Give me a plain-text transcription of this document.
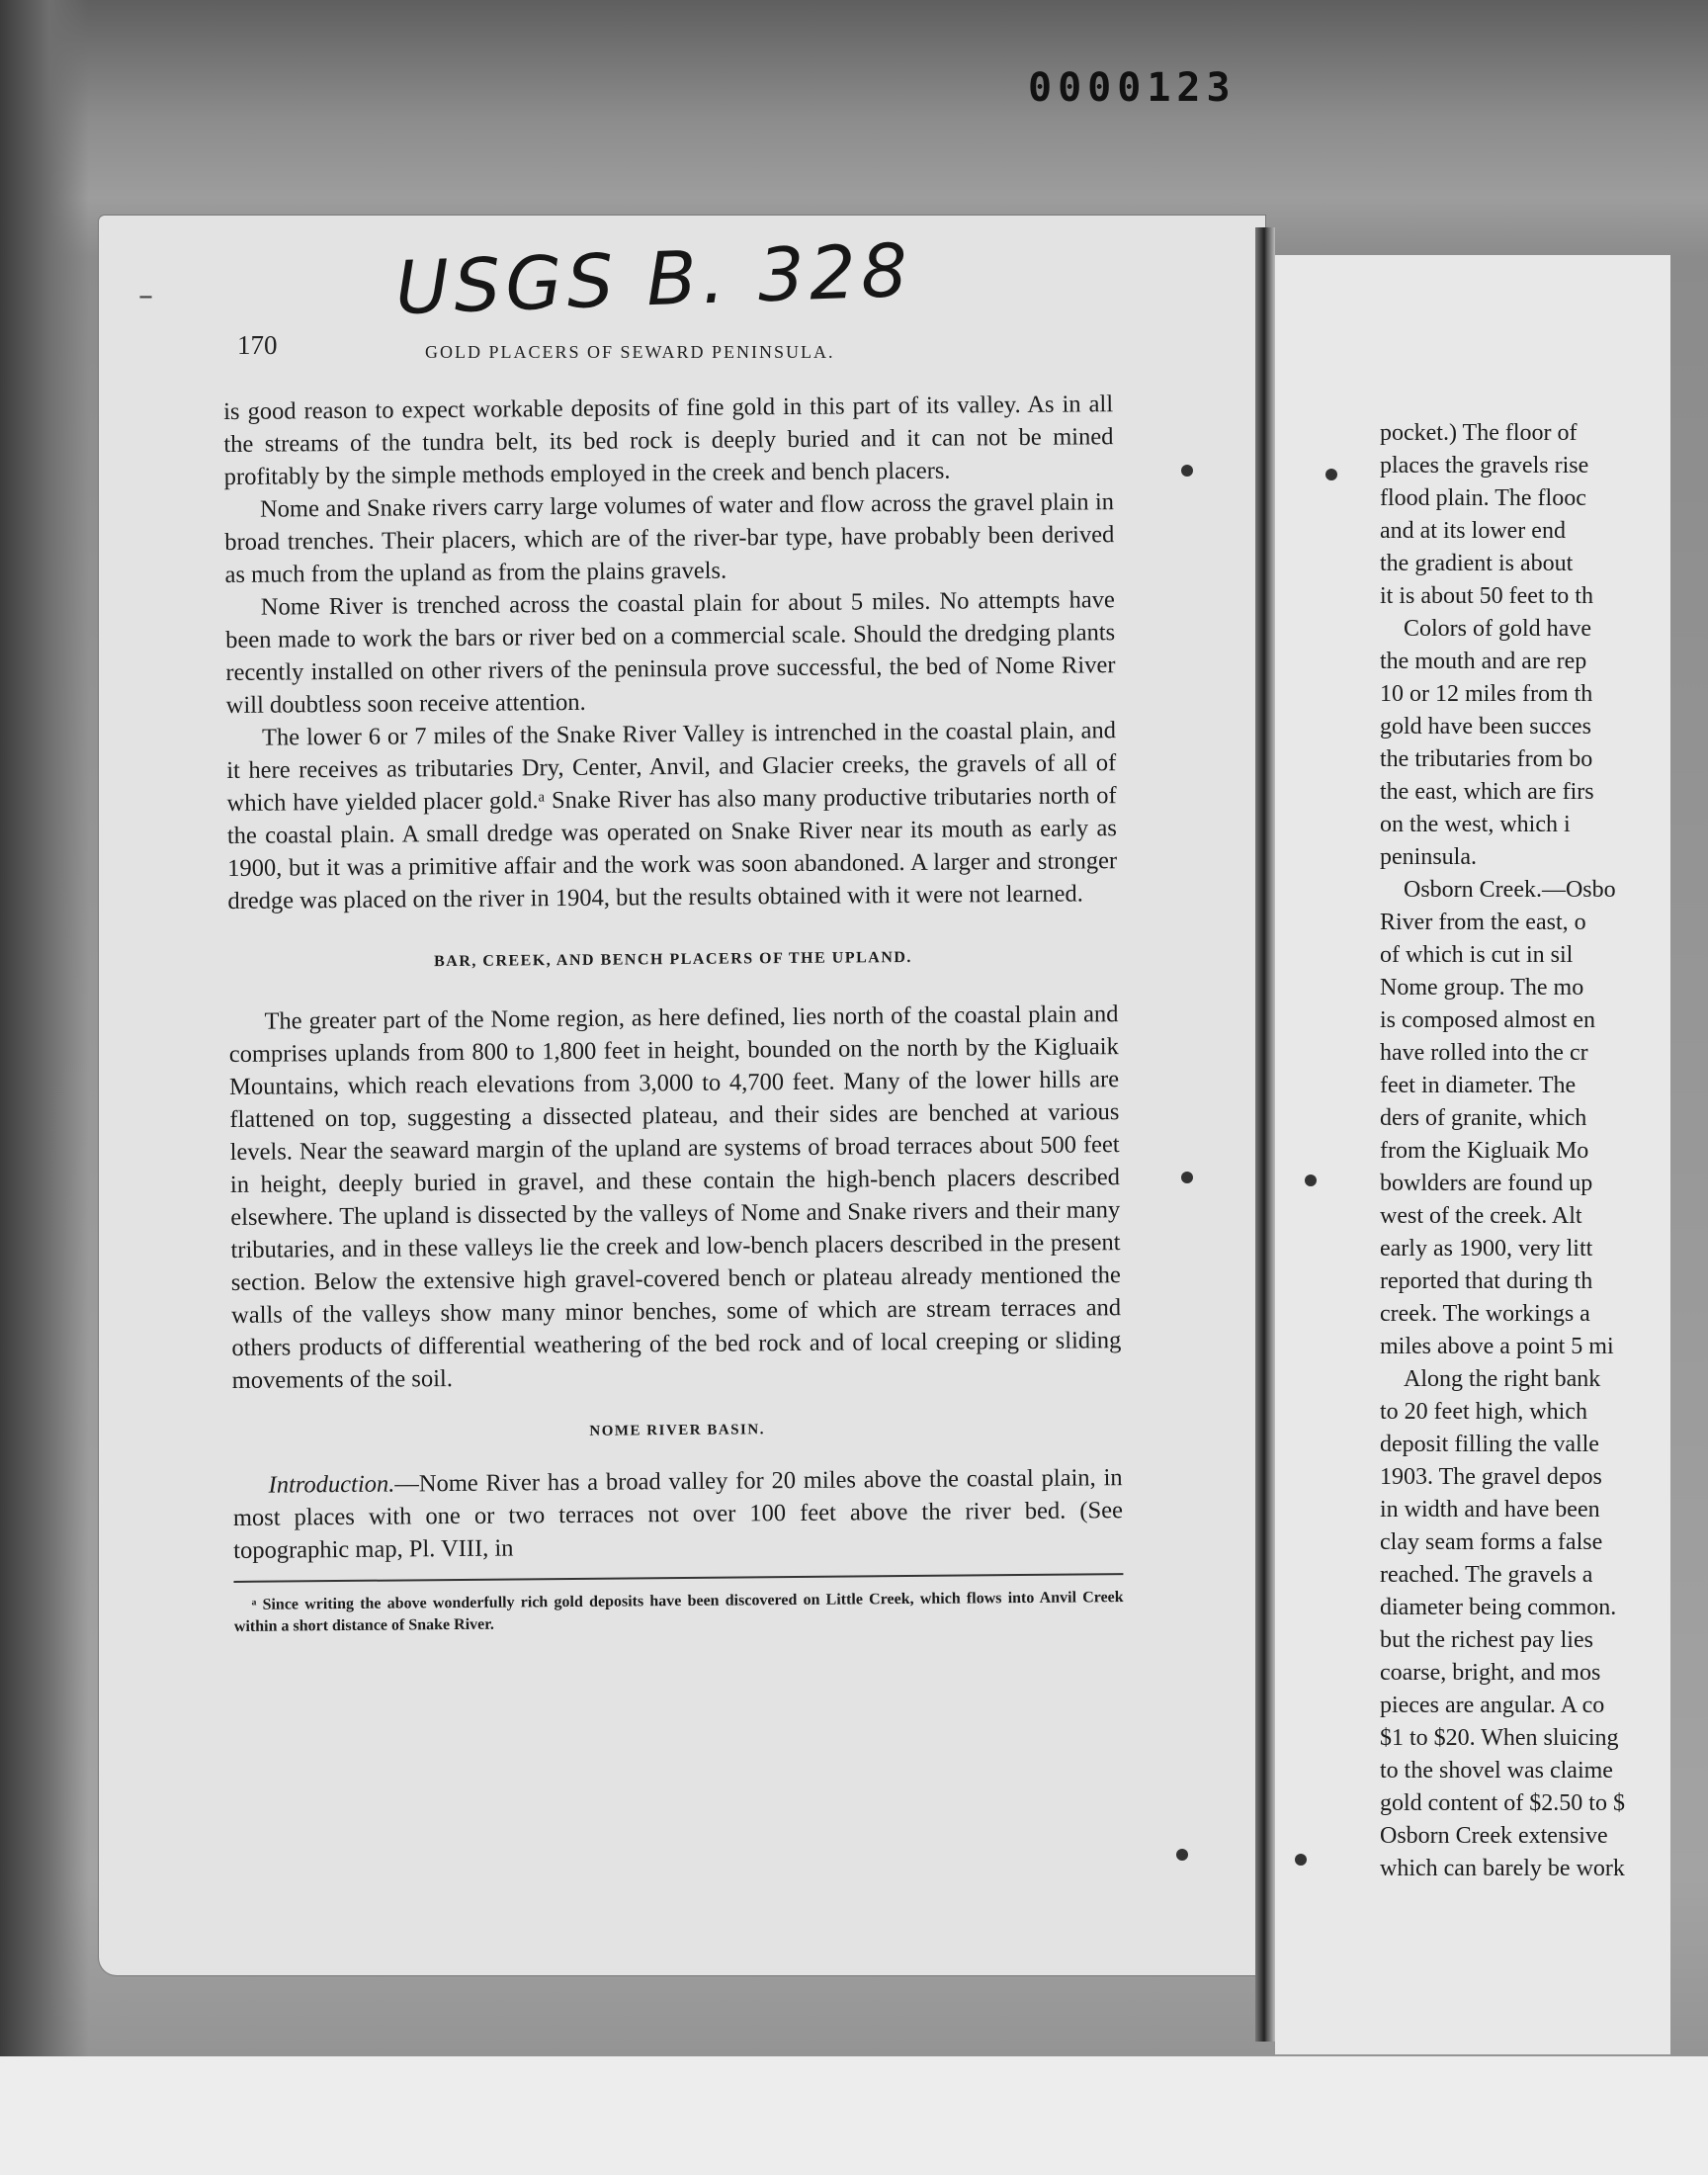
0000123
USGS B. 328
–
170	GOLD PLACERS OF SEWARD PENINSULA.

is good reason to expect workable deposits of fine gold in this part of its valley. As in all the streams of the tundra belt, its bed rock is deeply buried and it can not be mined profitably by the simple methods employed in the creek and bench placers.

Nome and Snake rivers carry large volumes of water and flow across the gravel plain in broad trenches. Their placers, which are of the river-bar type, have probably been derived as much from the upland as from the plains gravels.

Nome River is trenched across the coastal plain for about 5 miles. No attempts have been made to work the bars or river bed on a commercial scale. Should the dredging plants recently installed on other rivers of the peninsula prove successful, the bed of Nome River will doubtless soon receive attention.

The lower 6 or 7 miles of the Snake River Valley is intrenched in the coastal plain, and it here receives as tributaries Dry, Center, Anvil, and Glacier creeks, the gravels of all of which have yielded placer gold.ᵃ Snake River has also many productive tributaries north of the coastal plain. A small dredge was operated on Snake River near its mouth as early as 1900, but it was a primitive affair and the work was soon abandoned. A larger and stronger dredge was placed on the river in 1904, but the results obtained with it were not learned.

BAR, CREEK, AND BENCH PLACERS OF THE UPLAND.

The greater part of the Nome region, as here defined, lies north of the coastal plain and comprises uplands from 800 to 1,800 feet in height, bounded on the north by the Kigluaik Mountains, which reach elevations from 3,000 to 4,700 feet. Many of the lower hills are flattened on top, suggesting a dissected plateau, and their sides are benched at various levels. Near the seaward margin of the upland are systems of broad terraces about 500 feet in height, deeply buried in gravel, and these contain the high-bench placers described elsewhere. The upland is dissected by the valleys of Nome and Snake rivers and their many tributaries, and in these valleys lie the creek and low-bench placers described in the present section. Below the extensive high gravel-covered bench or plateau already mentioned the walls of the valleys show many minor benches, some of which are stream terraces and others products of differential weathering of the bed rock and of local creeping or sliding movements of the soil.

NOME RIVER BASIN.

Introduction.—Nome River has a broad valley for 20 miles above the coastal plain, in most places with one or two terraces not over 100 feet above the river bed. (See topographic map, Pl. VIII, in

ᵃ Since writing the above wonderfully rich gold deposits have been discovered on Little Creek, which flows into Anvil Creek within a short distance of Snake River.

pocket.) The floor of
places the gravels rise
flood plain. The flooc
and at its lower end
the gradient is about
it is about 50 feet to th
Colors of gold have
the mouth and are rep
10 or 12 miles from th
gold have been succes
the tributaries from bo
the east, which are firs
on the west, which i
peninsula.
Osborn Creek.—Osbo
River from the east, o
of which is cut in sil
Nome group. The mo
is composed almost en
have rolled into the cr
feet in diameter. The
ders of granite, which
from the Kigluaik Mo
bowlders are found up
west of the creek. Alt
early as 1900, very litt
reported that during th
creek. The workings a
miles above a point 5 mi
Along the right bank
to 20 feet high, which
deposit filling the valle
1903. The gravel depos
in width and have been
clay seam forms a false
reached. The gravels a
diameter being common.
but the richest pay lies
coarse, bright, and mos
pieces are angular. A co
$1 to $20. When sluicing
to the shovel was claime
gold content of $2.50 to $
Osborn Creek extensive
which can barely be work
